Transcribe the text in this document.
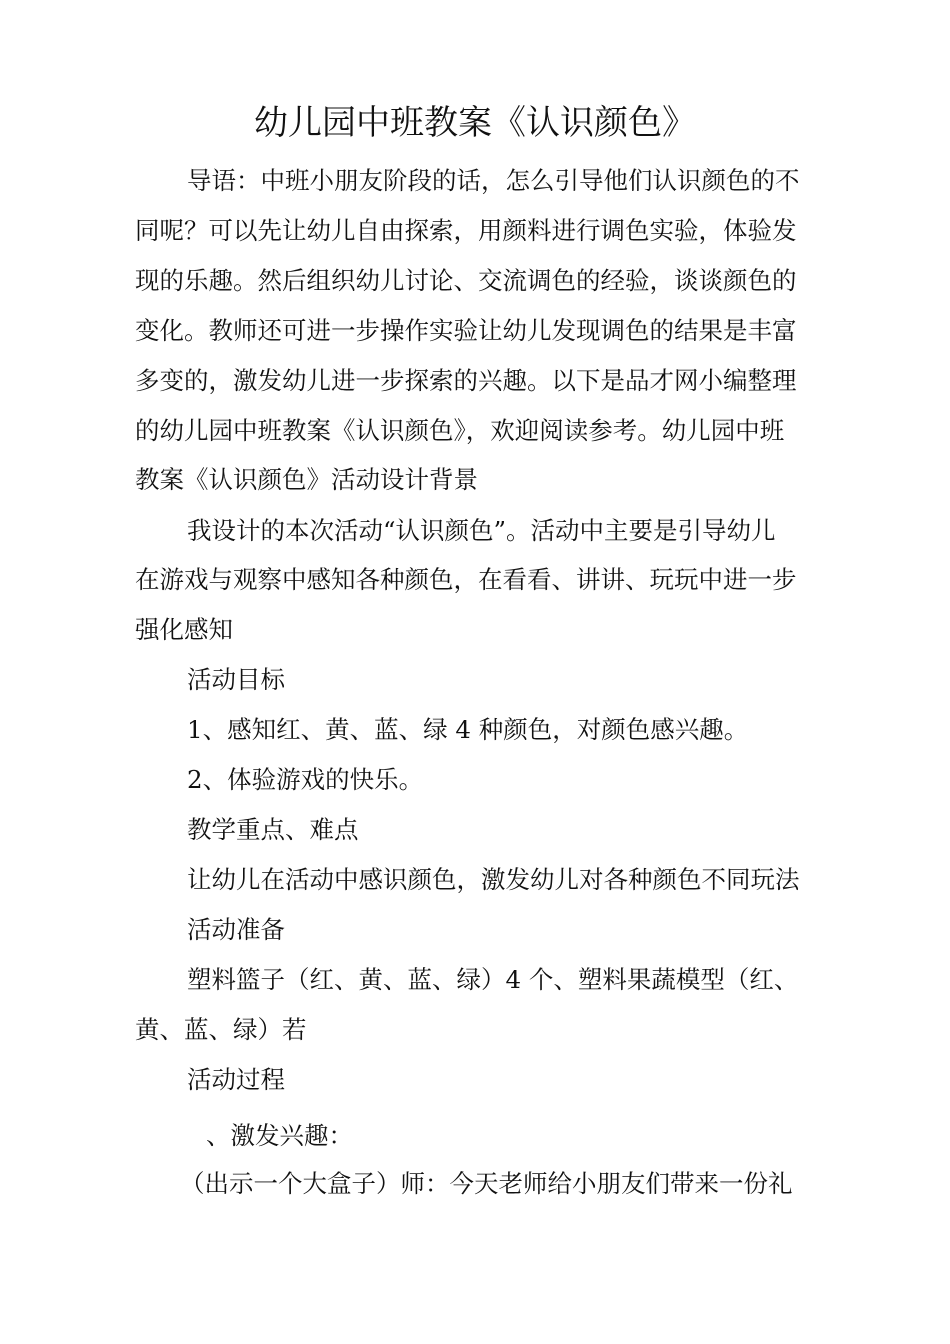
幼儿园中班教案《认识颜色》
导语：中班小朋友阶段的话，怎么引导他们认识颜色的不
同呢？可以先让幼儿自由探索，用颜料进行调色实验，体验发
现的乐趣。然后组织幼儿讨论、交流调色的经验，谈谈颜色的
变化。教师还可进一步操作实验让幼儿发现调色的结果是丰富
多变的，激发幼儿进一步探索的兴趣。以下是品才网小编整理
的幼儿园中班教案《认识颜色》，欢迎阅读参考。幼儿园中班
教案《认识颜色》活动设计背景
我设计的本次活动“认识颜色”。活动中主要是引导幼儿
在游戏与观察中感知各种颜色，在看看、讲讲、玩玩中进一步
强化感知
活动目标
1、感知红、黄、蓝、绿 4 种颜色，对颜色感兴趣。
2、体验游戏的快乐。
教学重点、难点
让幼儿在活动中感识颜色，激发幼儿对各种颜色不同玩法
活动准备
塑料篮子（红、黄、蓝、绿）4 个、塑料果蔬模型（红、
黄、蓝、绿）若
活动过程
、激发兴趣：
（出示一个大盒子）师：今天老师给小朋友们带来一份礼
